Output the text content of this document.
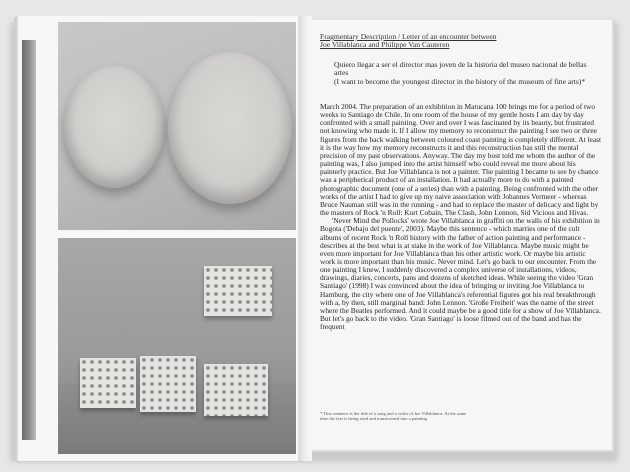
Fragmentary Description / Letter of an encounter between
Joe Villablanca and Philippe Van Cauteren

Quiero llegar a ser el director mas joven de la historia del museo nacional de bellas artes
(I want to become the youngest director in the history of the museum of fine arts)*

March 2004. The preparation of an exhibition in Matucana 100 brings me for a period of two weeks to Santiago de Chile. In one room of the house of my gentle hosts I am day by day confronted with a small painting. Over and over I was fascinated by its beauty, but frustrated not knowing who made it. If I allow my memory to reconstruct the painting I see two or three figures from the back walking between coloured coast painting is completely different. At least it is the way how my memory reconstructs it and this reconstruction has still the mental precision of my past observations. Anyway. The day my host told me whom the author of the painting was, I also jumped into the artist himself who could reveal me more about his painterly practice. But Joe Villablanca is not a painter. The painting I became to see by chance was a peripherical product of an installation. It had actually more to do with a painted photographic document (one of a series) than with a painting. Being confronted with the other works of the artist I had to give up my naive association with Johannes Vermeer - whereas Bruce Nauman still was in the running - and had to replace the master of delicacy and light by the masters of Rock 'n Roll: Kurt Cobain, The Clash, John Lennon, Sid Vicious and Hivas.

'Never Mind the Pollocks' wrote Joe Villablanca in graffiti on the walls of his exhibition in Bogota ('Debajo del puente', 2003). Maybe this sentence - which marries one of the cult albums of recent Rock 'n Roll history with the father of action painting and performance - describes at the best what is at stake in the work of Joe Villablanca. Maybe music might be even more important for Joe Villablanca than his other artistic work. Or maybe his artistic work is more important than his music. Never mind. Let's go back to our encounter. From the one painting I knew, I suddenly discovered a complex universe of installations, videos, drawings, diaries, concerts, pans and dozens of sketched ideas. While seeing the video 'Gran Santiago' (1998) I was convinced about the idea of bringing or inviting Joe Villablanca to Hamburg, the city where one of Joe Villablanca's referential figures got his real breakthrough with a, by then, still marginal band: John Lennon. 'Große Freiheit' was the name of the street where the Beatles performed. And it could maybe be a good title for a show of Joe Villablanca. But let's go back to the video. 'Gran Santiago' is loose filmed out of the band and has the frequent

* This sentence is the title of a song and a video of Joe Villablanca. At the same time the text is being used and transformed into a painting
